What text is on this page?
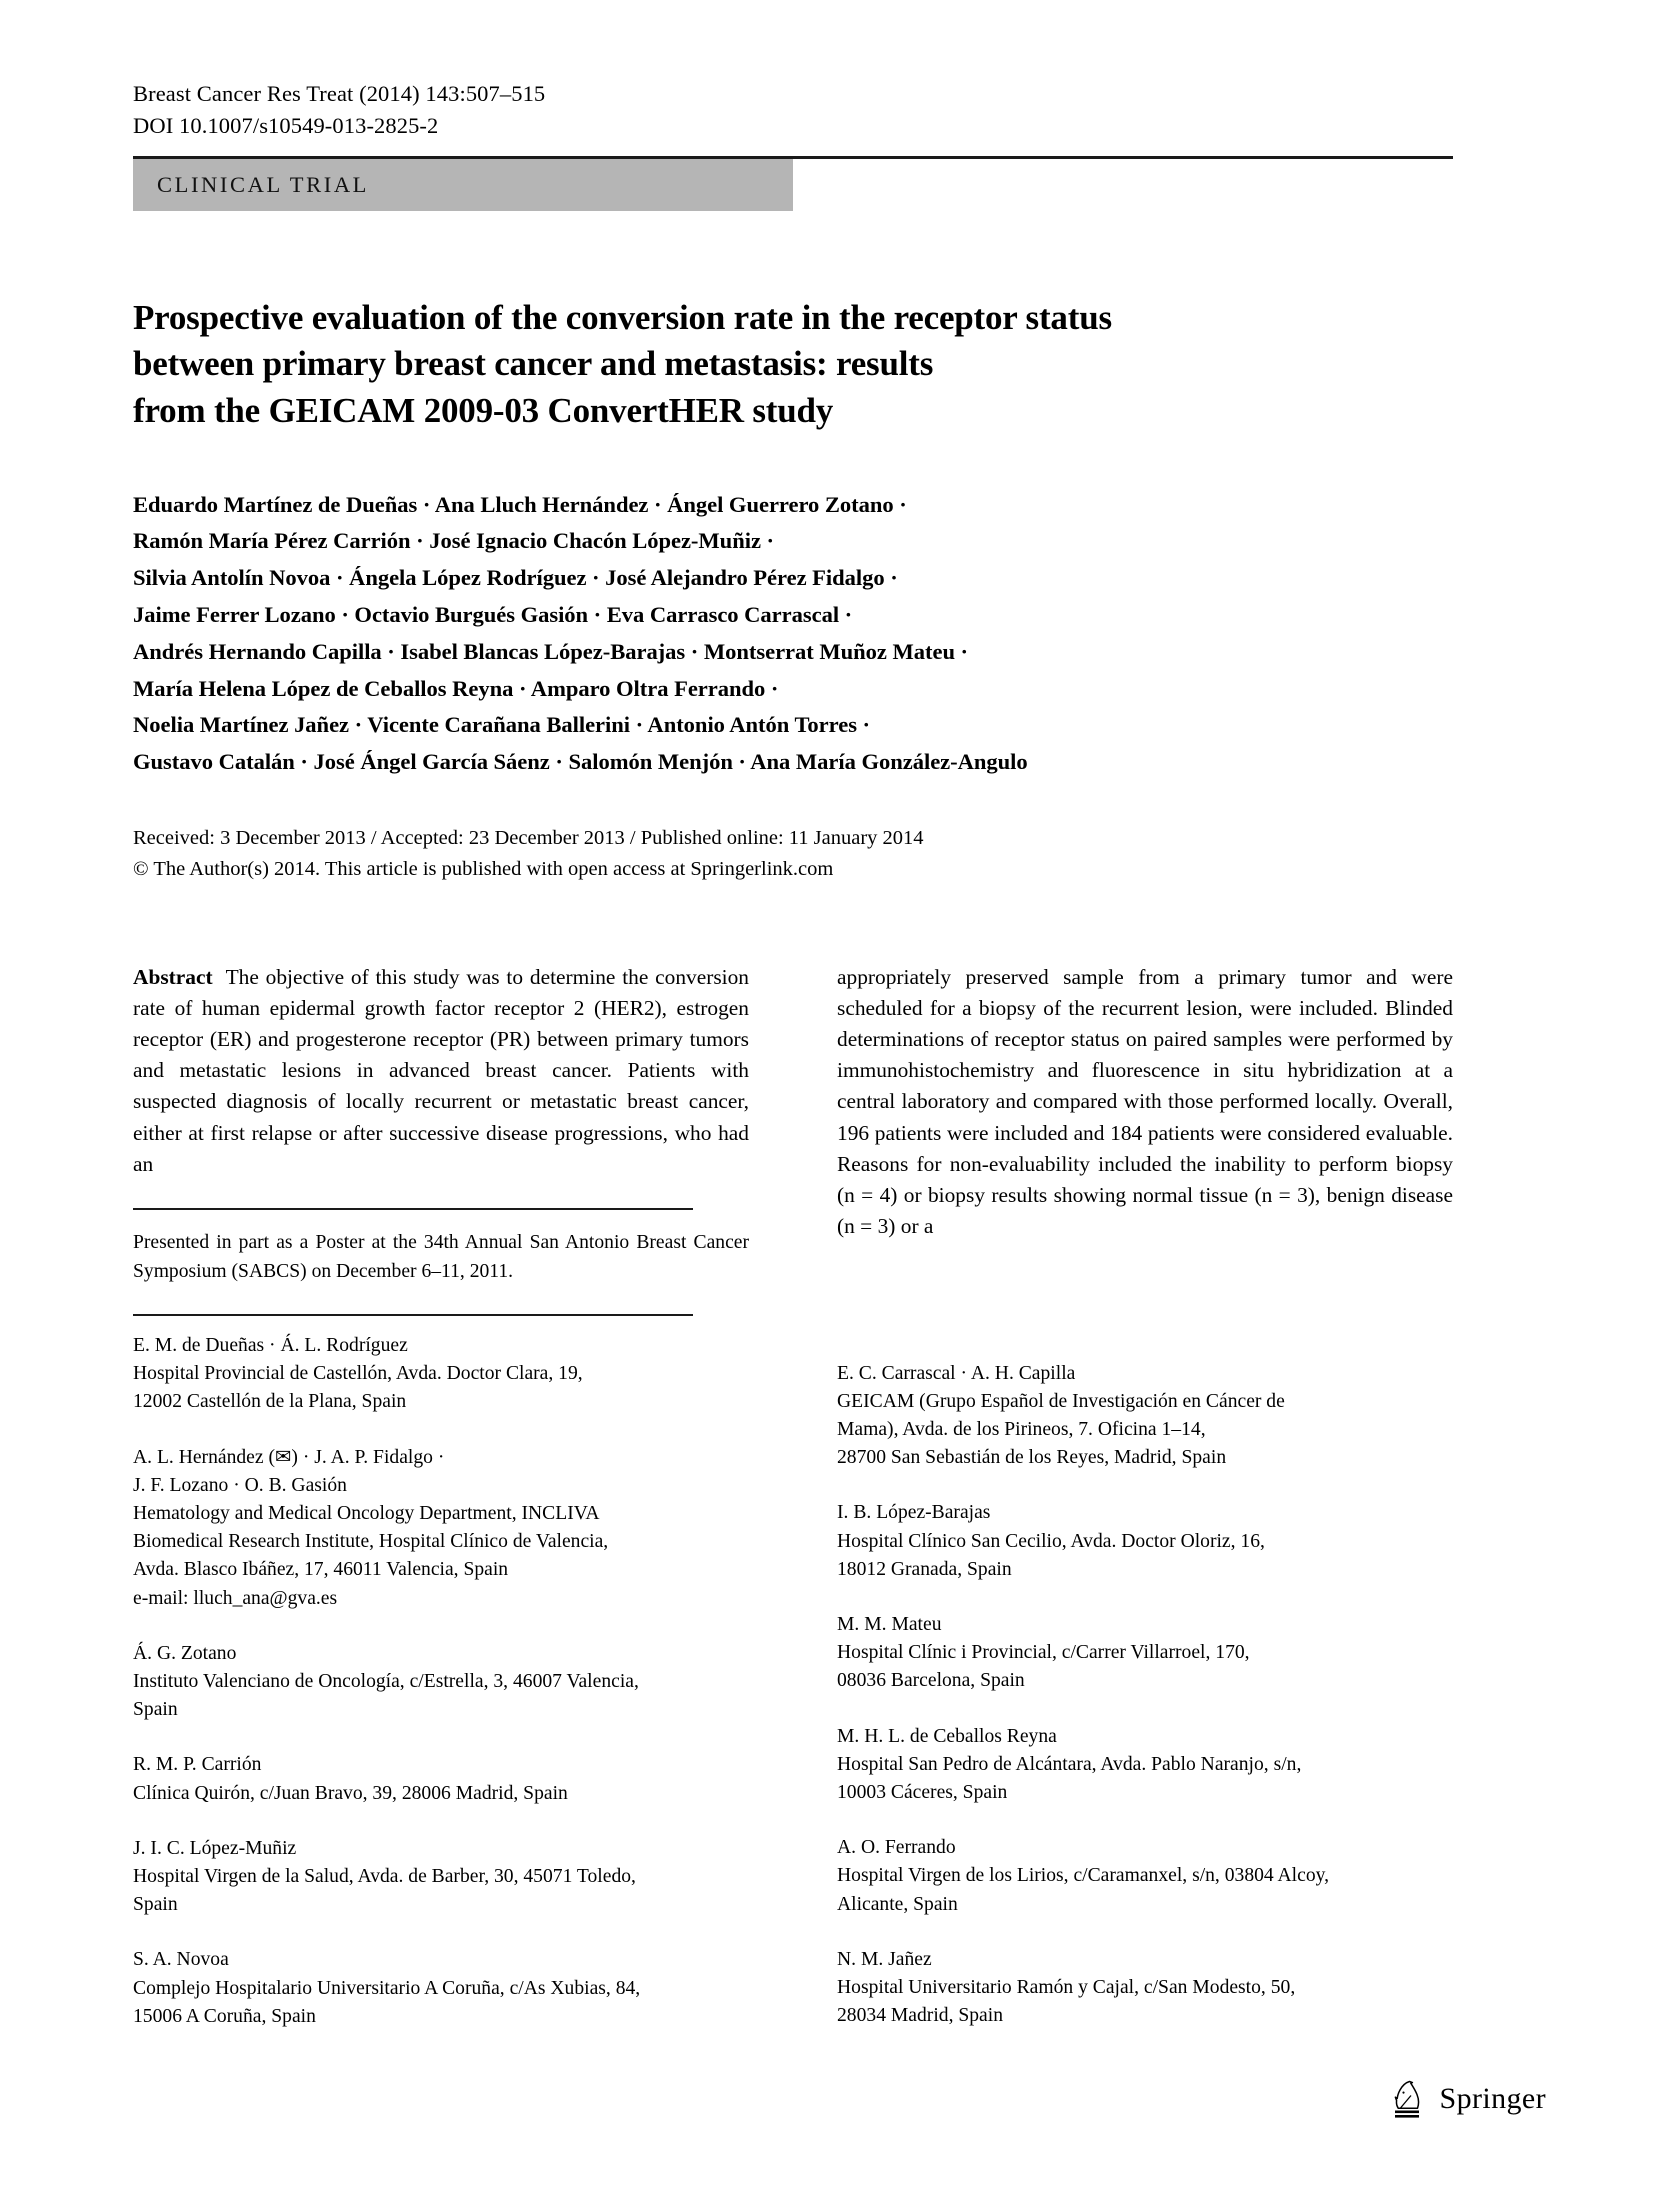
Breast Cancer Res Treat (2014) 143:507–515
DOI 10.1007/s10549-013-2825-2
CLINICAL TRIAL
Prospective evaluation of the conversion rate in the receptor status
between primary breast cancer and metastasis: results
from the GEICAM 2009-03 ConvertHER study
Eduardo Martínez de Dueñas · Ana Lluch Hernández · Ángel Guerrero Zotano ·
Ramón María Pérez Carrión · José Ignacio Chacón López-Muñiz ·
Silvia Antolín Novoa · Ángela López Rodríguez · José Alejandro Pérez Fidalgo ·
Jaime Ferrer Lozano · Octavio Burgués Gasión · Eva Carrasco Carrascal ·
Andrés Hernando Capilla · Isabel Blancas López-Barajas · Montserrat Muñoz Mateu ·
María Helena López de Ceballos Reyna · Amparo Oltra Ferrando ·
Noelia Martínez Jañez · Vicente Carañana Ballerini · Antonio Antón Torres ·
Gustavo Catalán · José Ángel García Sáenz · Salomón Menjón · Ana María González-Angulo
Received: 3 December 2013 / Accepted: 23 December 2013 / Published online: 11 January 2014
© The Author(s) 2014. This article is published with open access at Springerlink.com

Abstract The objective of this study was to determine the conversion rate of human epidermal growth factor receptor 2 (HER2), estrogen receptor (ER) and progesterone receptor (PR) between primary tumors and metastatic lesions in advanced breast cancer. Patients with suspected diagnosis of locally recurrent or metastatic breast cancer, either at first relapse or after successive disease progressions, who had an

Presented in part as a Poster at the 34th Annual San Antonio Breast Cancer Symposium (SABCS) on December 6–11, 2011.

E. M. de Dueñas · Á. L. Rodríguez
Hospital Provincial de Castellón, Avda. Doctor Clara, 19,
12002 Castellón de la Plana, Spain
A. L. Hernández (✉) · J. A. P. Fidalgo ·
J. F. Lozano · O. B. Gasión
Hematology and Medical Oncology Department, INCLIVA
Biomedical Research Institute, Hospital Clínico de Valencia,
Avda. Blasco Ibáñez, 17, 46011 Valencia, Spain
e-mail: lluch_ana@gva.es
Á. G. Zotano
Instituto Valenciano de Oncología, c/Estrella, 3, 46007 Valencia,
Spain
R. M. P. Carrión
Clínica Quirón, c/Juan Bravo, 39, 28006 Madrid, Spain
J. I. C. López-Muñiz
Hospital Virgen de la Salud, Avda. de Barber, 30, 45071 Toledo,
Spain
S. A. Novoa
Complejo Hospitalario Universitario A Coruña, c/As Xubias, 84,
15006 A Coruña, Spain

appropriately preserved sample from a primary tumor and were scheduled for a biopsy of the recurrent lesion, were included. Blinded determinations of receptor status on paired samples were performed by immunohistochemistry and fluorescence in situ hybridization at a central laboratory and compared with those performed locally. Overall, 196 patients were included and 184 patients were considered evaluable. Reasons for non-evaluability included the inability to perform biopsy (n = 4) or biopsy results showing normal tissue (n = 3), benign disease (n = 3) or a

E. C. Carrascal · A. H. Capilla
GEICAM (Grupo Español de Investigación en Cáncer de
Mama), Avda. de los Pirineos, 7. Oficina 1–14,
28700 San Sebastián de los Reyes, Madrid, Spain
I. B. López-Barajas
Hospital Clínico San Cecilio, Avda. Doctor Oloriz, 16,
18012 Granada, Spain
M. M. Mateu
Hospital Clínic i Provincial, c/Carrer Villarroel, 170,
08036 Barcelona, Spain
M. H. L. de Ceballos Reyna
Hospital San Pedro de Alcántara, Avda. Pablo Naranjo, s/n,
10003 Cáceres, Spain
A. O. Ferrando
Hospital Virgen de los Lirios, c/Caramanxel, s/n, 03804 Alcoy,
Alicante, Spain
N. M. Jañez
Hospital Universitario Ramón y Cajal, c/San Modesto, 50,
28034 Madrid, Spain
Springer
